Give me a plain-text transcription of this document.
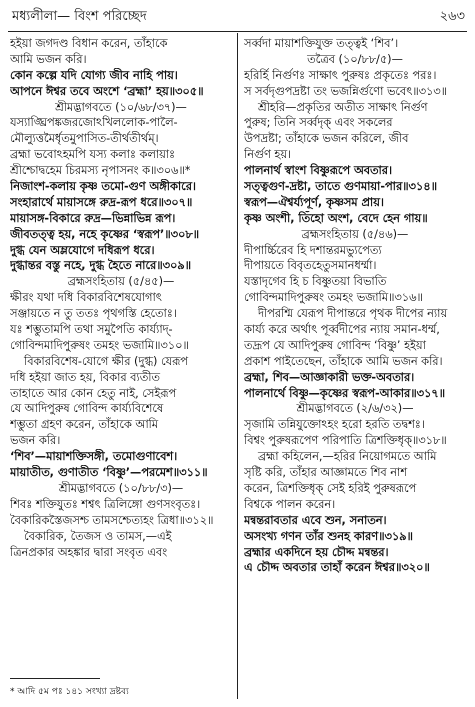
মধ্যলীলা— বিংশ পরিচ্ছেদ	২৬৩
হইয়া জগদণ্ড বিধান করেন, তাঁহাকে
আমি ভজন করি।
কোন কল্পে যদি যোগ্য জীব নাহি পায়।
আপনে ঈশ্বর তবে অংশে ‘ব্রহ্মা’ হয়॥৩০৫॥
শ্রীমদ্ভাগবতে (১০/৬৮/৩৭)—
যস্যাঙ্ঘ্রিপঙ্কজরজোঽখিললোক-পালৈ-
মৌল্যুত্তমৈর্ধৃতমুপাসিত-তীর্থতীর্থম্।
ব্রহ্মা ভবোঽহমপি যস্য কলাঃ কলায়াঃ
শ্রীশ্চোদ্বহেম চিরমস্য নৃপাসনং ক॥৩০৬॥*
নিজাংশ-কলায় কৃষ্ণ তমো-গুণ অঙ্গীকারে।
সংহারার্থে মায়াসঙ্গে রুদ্র-রূপ ধরে॥৩০৭॥
মায়াসঙ্গ-বিকারে রুদ্র—ভিন্নাভিন্ন রূপ।
জীবতত্ত্ব হয়, নহে কৃষ্ণের ‘স্বরূপ’॥৩০৮॥
দুগ্ধ যেন অম্লযোগে দধিরূপ ধরে।
দুগ্ধান্তর বস্তু নহে, দুগ্ধ হৈতে নারে॥৩০৯॥
ব্রহ্মসংহিতায় (৫/৪৫)—
ক্ষীরং যথা দধি বিকারবিশেষযোগাৎ
সঞ্জায়তে ন তু ততঃ পৃথগস্তি হেতোঃ।
যঃ শম্ভুতামপি তথা সমুপৈতি কার্য্যাদ্-
গোবিন্দমাদিপুরুষং তমহং ভজামি॥৩১০॥
বিকারবিশেষ-যোগে ক্ষীর (দুগ্ধ) যেরূপ
দধি হইয়া জাত হয়, বিকার ব্যতীত
তাহাতে আর কোন হেতু নাই, সেইরূপ
যে আদিপুরুষ গোবিন্দ কার্য্যবিশেষে
শম্ভুতা গ্রহণ করেন, তাঁহাকে আমি
ভজন করি।
‘শিব’—মায়াশক্তিসঙ্গী, তমোগুণাবেশ।
মায়াতীত, গুণাতীত ‘বিষ্ণু’—পরমেশ॥৩১১॥
শ্রীমদ্ভাগবতে (১০/৮৮/৩)—
শিবঃ শক্তিযুতঃ শশ্বৎ ত্রিলিঙ্গো গুণসংবৃতঃ।
বৈকারিকস্তৈজসশ্চ তামসশ্চেত্যহং ত্রিধা॥৩১২॥
বৈকারিক, তৈজস ও তামস,—এই
ত্রিনপ্রকার অহঙ্কার দ্বারা সংবৃত এবং
সর্ব্বদা মায়াশক্তিযুক্ত তত্ত্বই ‘শিব’।
তত্রৈব (১০/৮৮/৫)—
হরির্হি নির্গুণঃ সাক্ষাৎ পুরুষঃ প্রকৃতেঃ পরঃ।
স সর্বদৃগুপদ্রষ্টা তং ভজন্নির্গুণো ভবেৎ॥৩১৩॥
শ্রীহরি—প্রকৃতির অতীত সাক্ষাৎ নির্গুণ
পুরুষ; তিনি সর্ব্বদৃক্ এবং সকলের
উপদ্রষ্টা; তাঁহাকে ভজন করিলে, জীব
নির্গুণ হয়।
পালনার্থ স্বাংশ বিষ্ণুরূপে অবতার।
সত্ত্বগুণ-দ্রষ্টা, তাতে গুণমায়া-পার॥৩১৪॥
স্বরূপ—ঐশ্বর্য্যপূর্ণ, কৃষ্ণসম প্রায়।
কৃষ্ণ অংশী, তিঁহো অংশ, বেদে হেন গায়॥
ব্রহ্মসংহিতায় (৫/৪৬)—
দীপার্চ্চিরেব হি দশান্তরমভ্যুপেত্য
দীপায়তে বিবৃতহেতুসমানধর্ম্মা।
যস্তাদৃগেব হি চ বিষ্ণুতয়া বিভাতি
গোবিন্দমাদিপুরুষং তমহং ভজামি॥৩১৬॥
দীপরশ্মি যেরূপ দীপান্তরে পৃথক দীপের ন্যায়
কার্য্য করে অর্থাৎ পূর্ব্বদীপের ন্যায় সমান-ধর্ম্ম,
তদ্রূপ যে আদিপুরুষ গোবিন্দ ‘বিষ্ণু’ হইয়া
প্রকাশ পাইতেছেন, তাঁহাকে আমি ভজন করি।
ব্রহ্মা, শিব—আজ্ঞাকারী ভক্ত-অবতার।
পালনার্থে বিষ্ণু—কৃষ্ণের স্বরূপ-আকার॥৩১৭॥
শ্রীমদ্ভাগবতে (২/৬/৩২)—
সৃজামি তন্নিযুক্তোঽহং হরো হরতি তদ্বশঃ।
বিশ্বং পুরুষরূপেণ পরিপাতি ত্রিশক্তিধৃক্॥৩১৮॥
ব্রহ্মা কহিলেন,—হরির নিয়োগমতে আমি
সৃষ্টি করি, তাঁহার আজ্ঞামতে শিব নাশ
করেন, ত্রিশক্তিধৃক্ সেই হরিই পুরুষরূপে
বিশ্বকে পালন করেন।
মন্বন্তরাবতার এবে শুন, সনাতন।
অসংখ্য গণন তাঁর শুনহ কারণ॥৩১৯॥
ব্রহ্মার একদিনে হয় চৌদ্দ মন্বন্তর।
এ চৌদ্দ অবতার তাহাঁ করেন ঈশ্বর॥৩২০॥
* আদি ৫ম পঃ ১৪১ সংখ্যা দ্রষ্টব্য
